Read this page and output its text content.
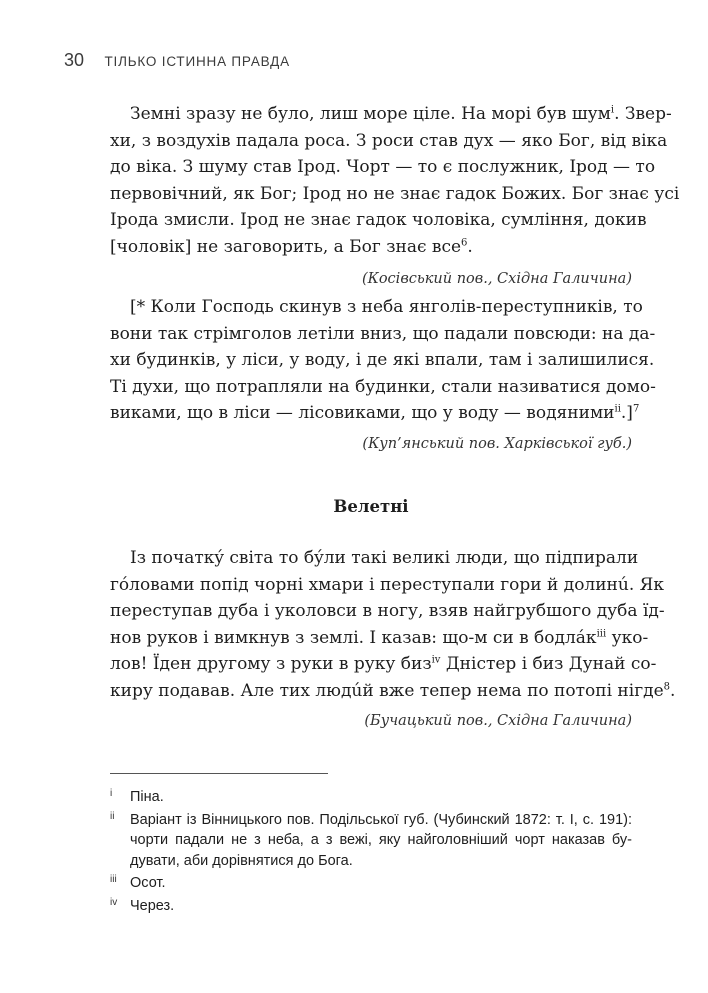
30 ТІЛЬКО ІСТИННА ПРАВДА
Земні зразу не було, лиш море ціле. На морі був шум$^i$. Звер-
хи, з воздухів падала роса. З роси став дух — яко Бог, від віка
до віка. З шуму став Ірод. Чорт — то є послужник, Ірод — то
первовічний, як Бог; Ірод но не знає гадок Божих. Бог знає усі
Ірода змисли. Ірод не знає гадок чоловіка, сумління, докив
[чоловік] не заговорить, а Бог знає все$^6$.
(Косівський пов., Східна Галичина)
[* Коли Господь скинув з неба янголів-переступників, то
вони так стрімголов летіли вниз, що падали повсюди: на да-
хи будинків, у ліси, у воду, і де які впали, там і залишилися.
Ті духи, що потрапляли на будинки, стали називатися домо-
виками, що в ліси — лісовиками, що у воду — водяними$^{ii}$.]$^7$
(Куп’янський пов. Харківської губ.)
Велетні
Із початкý світа то бýли такі великі люди, що підпирали
гóловами попід чорні хмари і переступали гори й долинú. Як
переступав дуба і уколовси в ногу, взяв найгрубшого дуба їд-
нов руков і вимкнув з землі. І казав: що-м си в бодлáк$^{iii}$ уко-
лов! Їден другому з руки в руку биз$^{iv}$ Дністер і биз Дунай со-
киру подавав. Але тих людúй вже тепер нема по потопі нігде$^8$.
(Бучацький пов., Східна Галичина)
i	Піна.
ii	Варіант із Вінницького пов. Подільської губ. (Чубинский 1872: т. I, с. 191):
чорти падали не з неба, а з вежі, яку найголовніший чорт наказав бу-
дувати, аби дорівнятися до Бога.
iii Осот.
iv Через.
